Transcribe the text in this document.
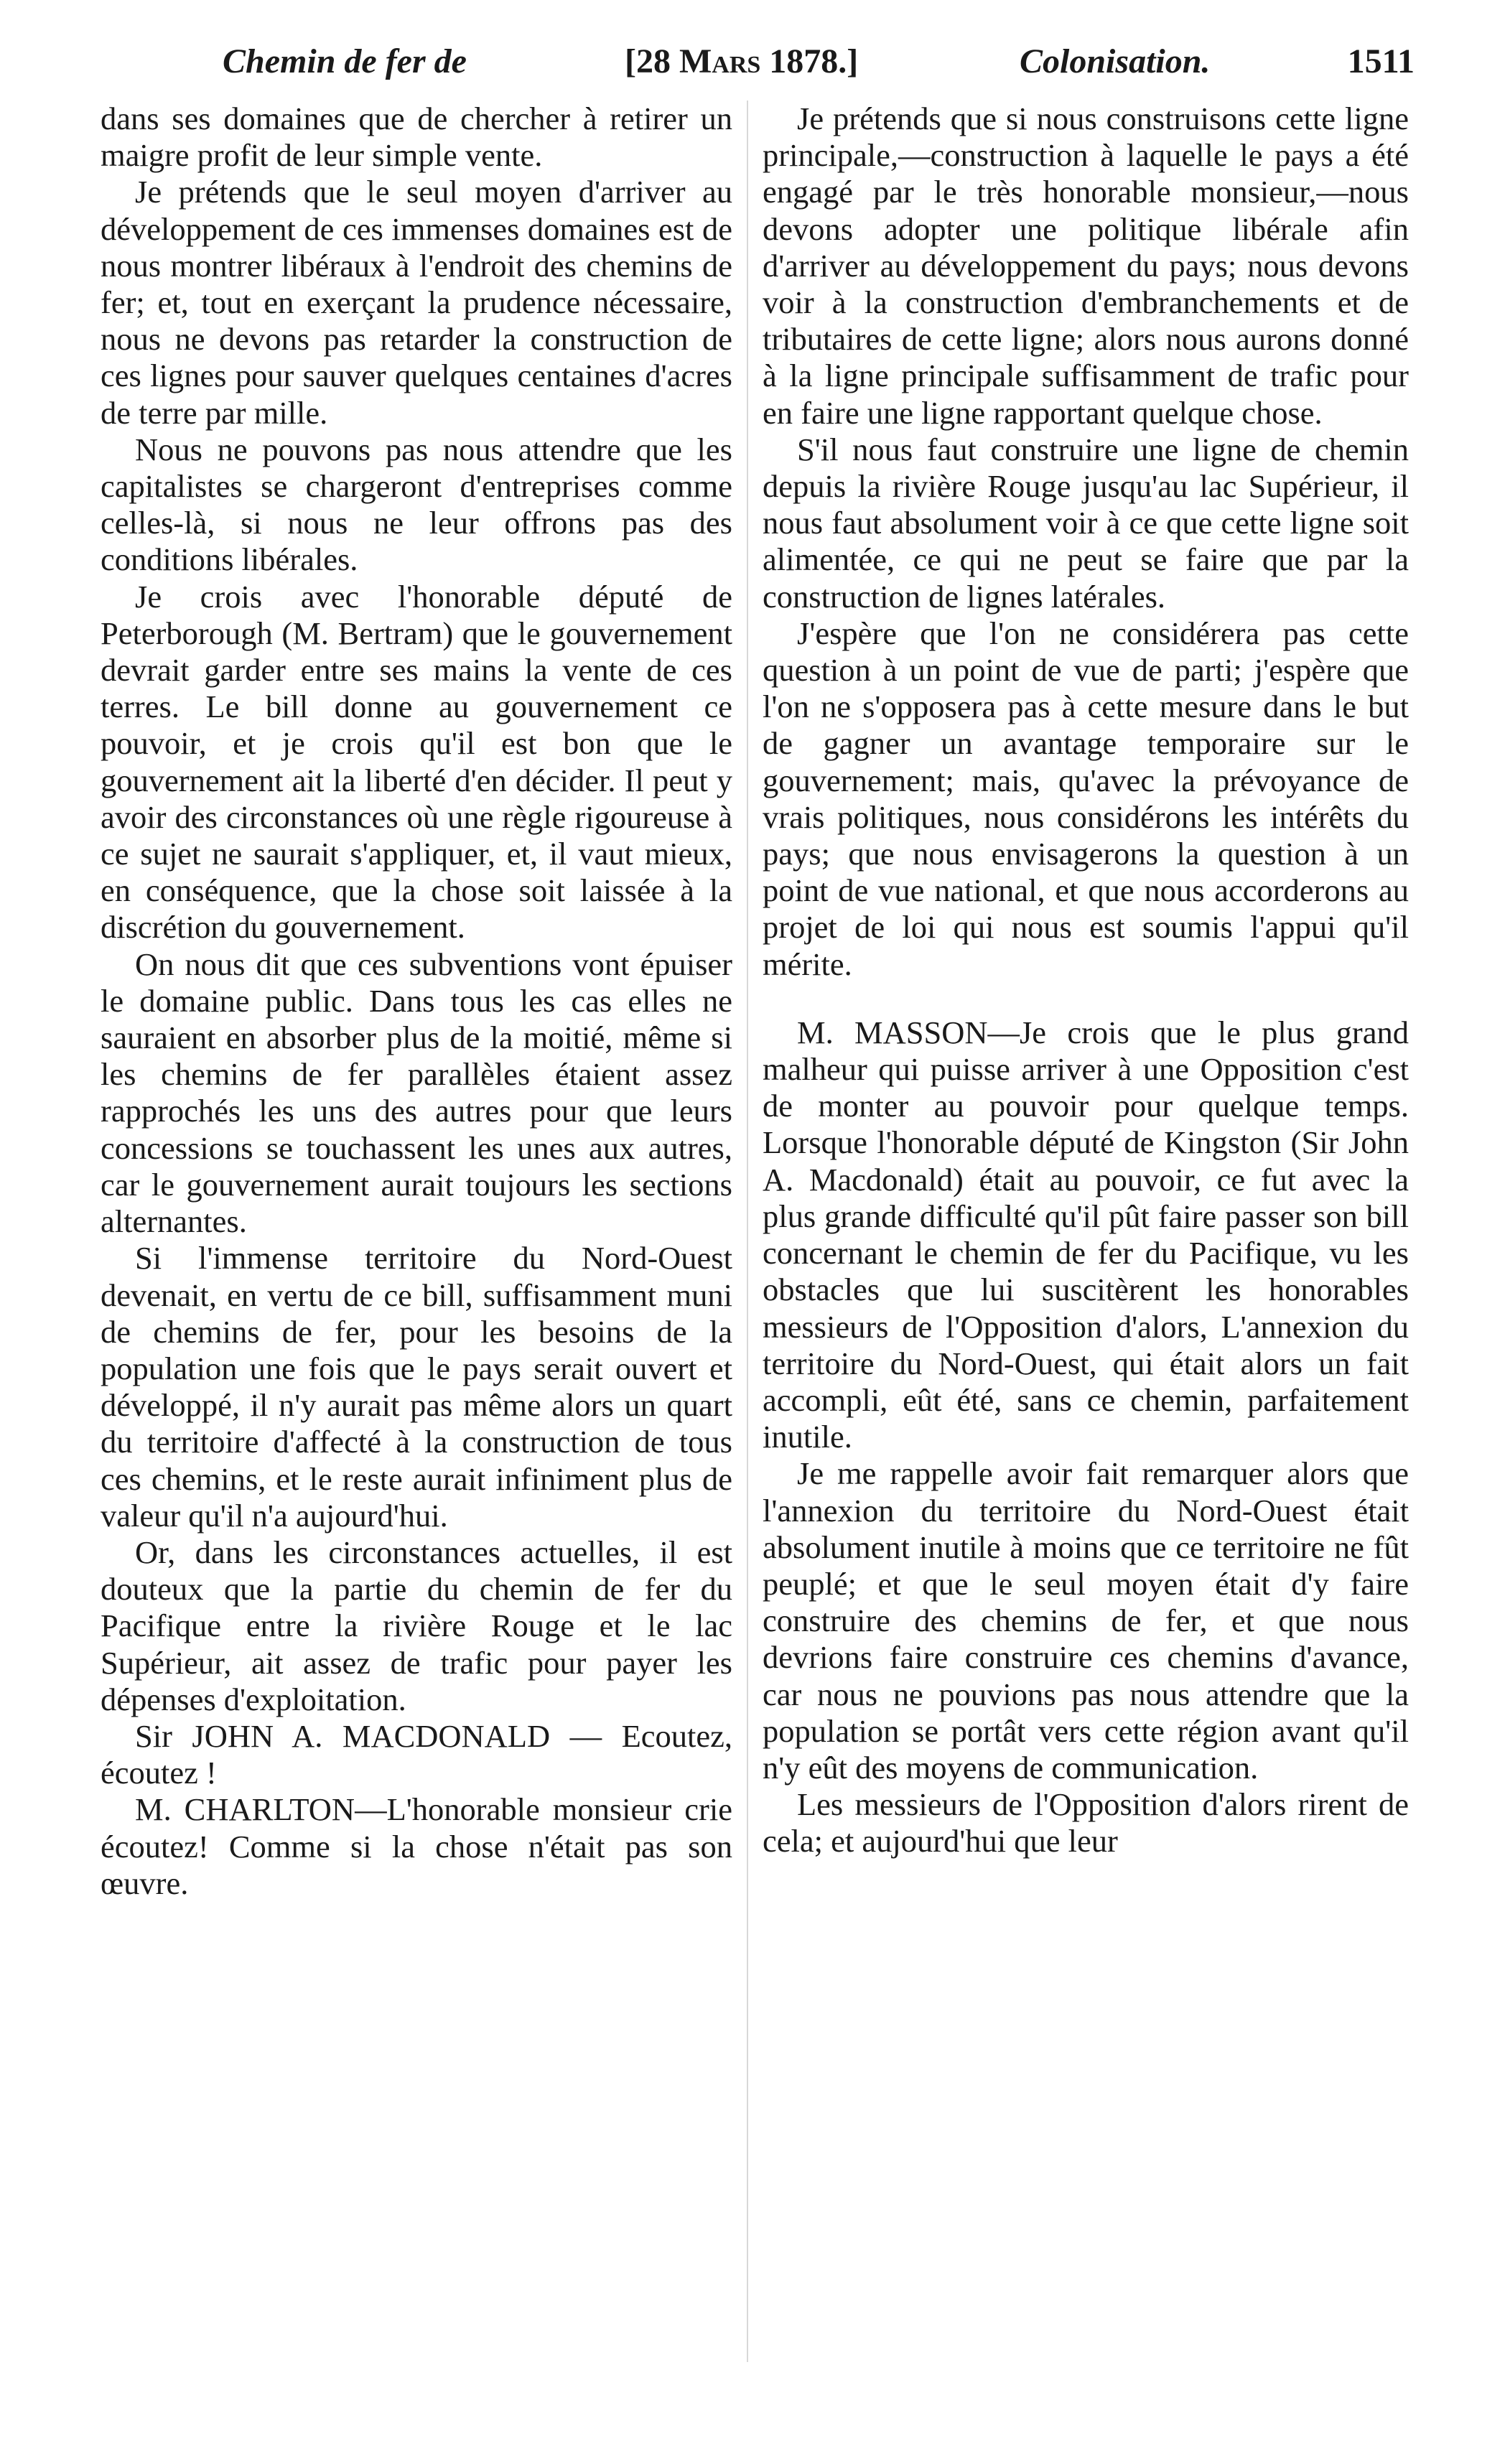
Chemin de fer de	[28 Mars 1878.]	Colonisation.	1511

dans ses domaines que de chercher à retirer un maigre profit de leur simple vente.

Je prétends que le seul moyen d'arriver au développement de ces immenses domaines est de nous montrer libéraux à l'endroit des chemins de fer; et, tout en exerçant la prudence nécessaire, nous ne devons pas retarder la construction de ces lignes pour sauver quelques centaines d'acres de terre par mille.

Nous ne pouvons pas nous attendre que les capitalistes se chargeront d'entreprises comme celles-là, si nous ne leur offrons pas des conditions libérales.

Je crois avec l'honorable député de Peterborough (M. Bertram) que le gouvernement devrait garder entre ses mains la vente de ces terres. Le bill donne au gouvernement ce pouvoir, et je crois qu'il est bon que le gouvernement ait la liberté d'en décider. Il peut y avoir des circonstances où une règle rigoureuse à ce sujet ne saurait s'appliquer, et, il vaut mieux, en conséquence, que la chose soit laissée à la discrétion du gouvernement.

On nous dit que ces subventions vont épuiser le domaine public. Dans tous les cas elles ne sauraient en absorber plus de la moitié, même si les chemins de fer parallèles étaient assez rapprochés les uns des autres pour que leurs concessions se touchassent les unes aux autres, car le gouvernement aurait toujours les sections alternantes.

Si l'immense territoire du Nord-Ouest devenait, en vertu de ce bill, suffisamment muni de chemins de fer, pour les besoins de la population une fois que le pays serait ouvert et développé, il n'y aurait pas même alors un quart du territoire d'affecté à la construction de tous ces chemins, et le reste aurait infiniment plus de valeur qu'il n'a aujourd'hui.

Or, dans les circonstances actuelles, il est douteux que la partie du chemin de fer du Pacifique entre la rivière Rouge et le lac Supérieur, ait assez de trafic pour payer les dépenses d'exploitation.

Sir JOHN A. MACDONALD — Ecoutez, écoutez !

M. CHARLTON—L'honorable monsieur crie écoutez! Comme si la chose n'était pas son œuvre.

Je prétends que si nous construisons cette ligne principale,—construction à laquelle le pays a été engagé par le très honorable monsieur,—nous devons adopter une politique libérale afin d'arriver au développement du pays; nous devons voir à la construction d'embranchements et de tributaires de cette ligne; alors nous aurons donné à la ligne principale suffisamment de trafic pour en faire une ligne rapportant quelque chose.

S'il nous faut construire une ligne de chemin depuis la rivière Rouge jusqu'au lac Supérieur, il nous faut absolument voir à ce que cette ligne soit alimentée, ce qui ne peut se faire que par la construction de lignes latérales.

J'espère que l'on ne considérera pas cette question à un point de vue de parti; j'espère que l'on ne s'opposera pas à cette mesure dans le but de gagner un avantage temporaire sur le gouvernement; mais, qu'avec la prévoyance de vrais politiques, nous considérons les intérêts du pays; que nous envisagerons la question à un point de vue national, et que nous accorderons au projet de loi qui nous est soumis l'appui qu'il mérite.

M. MASSON—Je crois que le plus grand malheur qui puisse arriver à une Opposition c'est de monter au pouvoir pour quelque temps. Lorsque l'honorable député de Kingston (Sir John A. Macdonald) était au pouvoir, ce fut avec la plus grande difficulté qu'il pût faire passer son bill concernant le chemin de fer du Pacifique, vu les obstacles que lui suscitèrent les honorables messieurs de l'Opposition d'alors, L'annexion du territoire du Nord-Ouest, qui était alors un fait accompli, eût été, sans ce chemin, parfaitement inutile.

Je me rappelle avoir fait remarquer alors que l'annexion du territoire du Nord-Ouest était absolument inutile à moins que ce territoire ne fût peuplé; et que le seul moyen était d'y faire construire des chemins de fer, et que nous devrions faire construire ces chemins d'avance, car nous ne pouvions pas nous attendre que la population se portât vers cette région avant qu'il n'y eût des moyens de communication.

Les messieurs de l'Opposition d'alors rirent de cela; et aujourd'hui que leur
